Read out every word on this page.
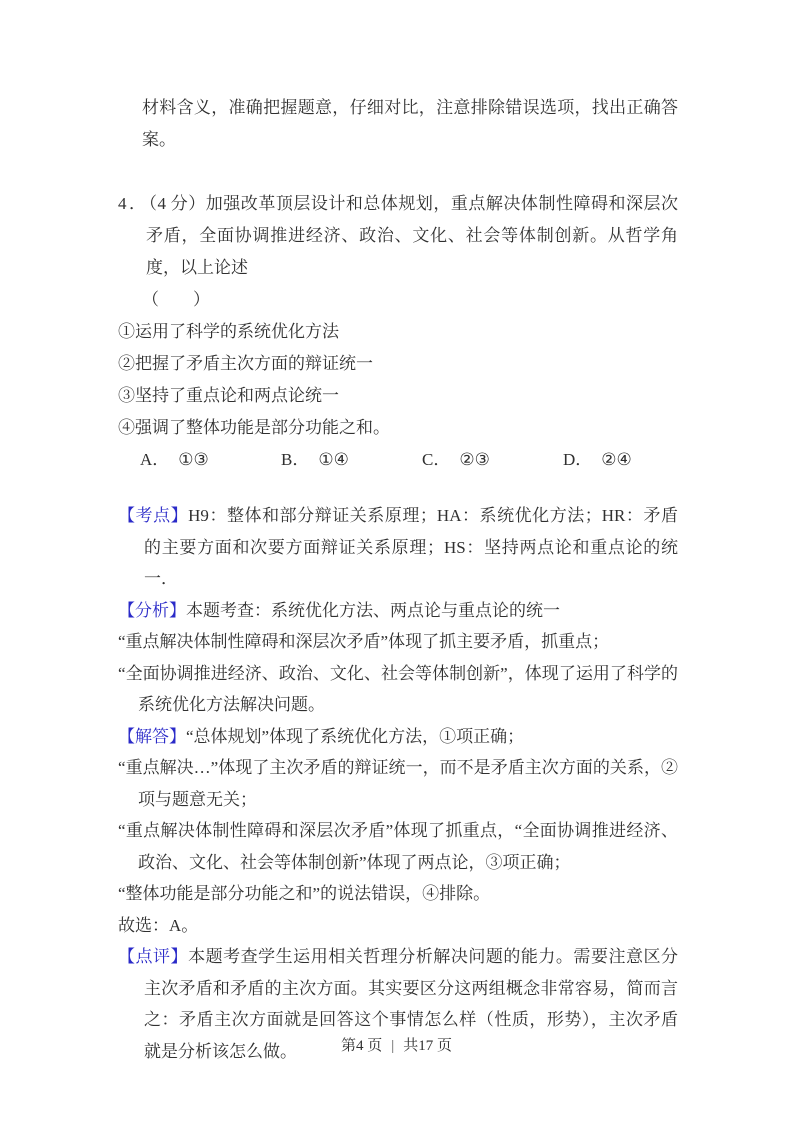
材料含义，准确把握题意，仔细对比，注意排除错误选项，找出正确答案。

4．（4 分）加强改革顶层设计和总体规划，重点解决体制性障碍和深层次矛盾，全面协调推进经济、政治、文化、社会等体制创新。从哲学角度，以上论述

（　　）

①运用了科学的系统优化方法

②把握了矛盾主次方面的辩证统一

③坚持了重点论和两点论统一

④强调了整体功能是部分功能之和。

A． ①③	B． ①④	C． ②③	D． ②④

【考点】H9：整体和部分辩证关系原理；HA：系统优化方法；HR：矛盾的主要方面和次要方面辩证关系原理；HS：坚持两点论和重点论的统一．

【分析】本题考查：系统优化方法、两点论与重点论的统一

“重点解决体制性障碍和深层次矛盾”体现了抓主要矛盾，抓重点；

“全面协调推进经济、政治、文化、社会等体制创新”，体现了运用了科学的系统优化方法解决问题。

【解答】“总体规划”体现了系统优化方法，①项正确；

“重点解决…”体现了主次矛盾的辩证统一，而不是矛盾主次方面的关系，②项与题意无关；

“重点解决体制性障碍和深层次矛盾”体现了抓重点，“全面协调推进经济、政治、文化、社会等体制创新”体现了两点论，③项正确；

“整体功能是部分功能之和”的说法错误，④排除。

故选：A。

【点评】本题考查学生运用相关哲理分析解决问题的能力。需要注意区分主次矛盾和矛盾的主次方面。其实要区分这两组概念非常容易，简而言之：矛盾主次方面就是回答这个事情怎么样（性质，形势），主次矛盾就是分析该怎么做。	第4 页 | 共17 页
